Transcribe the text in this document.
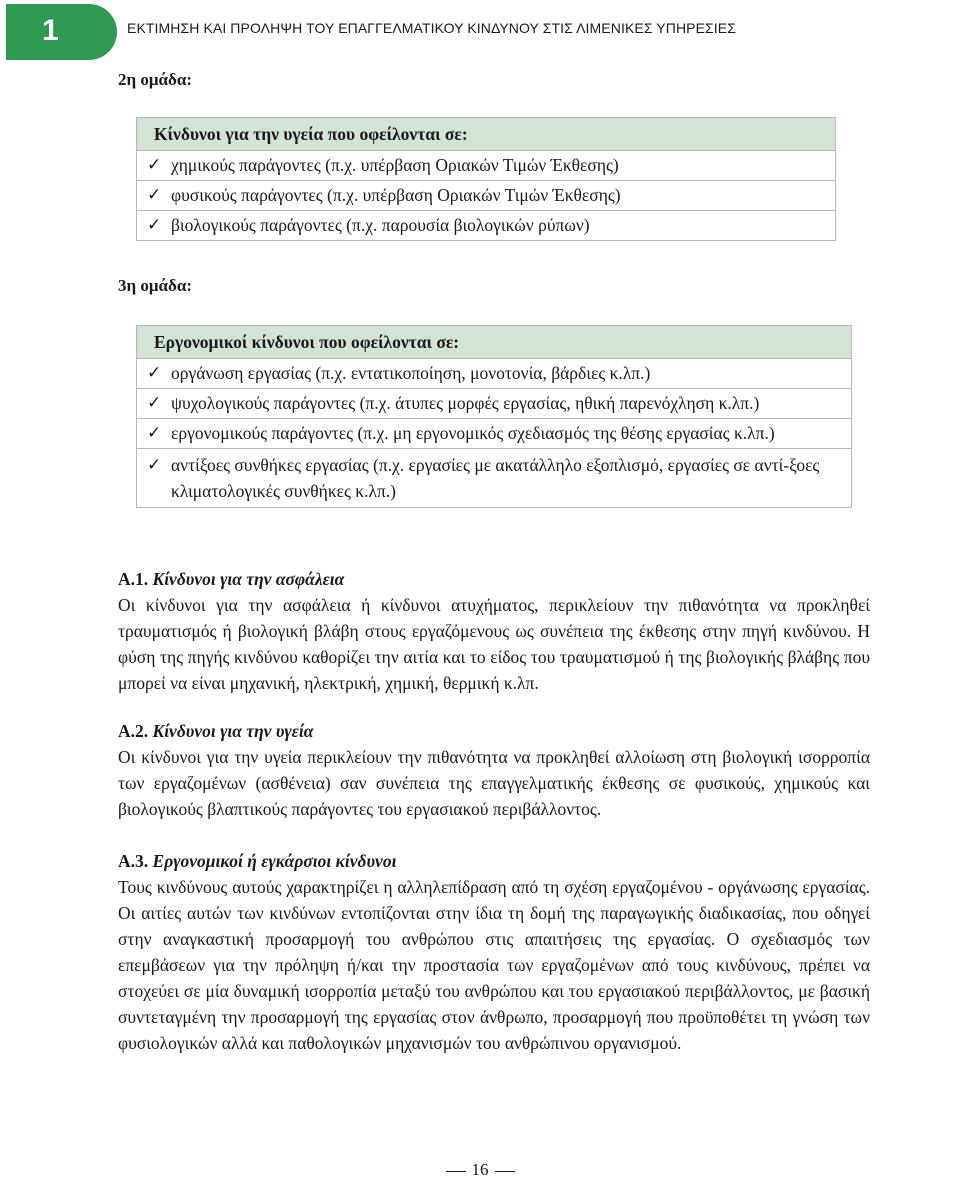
1	ΕΚΤΙΜΗΣΗ ΚΑΙ ΠΡΟΛΗΨΗ ΤΟΥ ΕΠΑΓΓΕΛΜΑΤΙΚΟΥ ΚΙΝΔΥΝΟΥ ΣΤΙΣ ΛΙΜΕΝΙΚΕΣ ΥΠΗΡΕΣΙΕΣ
2η ομάδα:
Κίνδυνοι για την υγεία που οφείλονται σε:
✓ χημικούς παράγοντες (π.χ. υπέρβαση Οριακών Τιμών Έκθεσης)
✓ φυσικούς παράγοντες (π.χ. υπέρβαση Οριακών Τιμών Έκθεσης)
✓ βιολογικούς παράγοντες (π.χ. παρουσία βιολογικών ρύπων)
3η ομάδα:
Εργονομικοί κίνδυνοι που οφείλονται σε:
✓ οργάνωση εργασίας (π.χ. εντατικοποίηση, μονοτονία, βάρδιες κ.λπ.)
✓ ψυχολογικούς παράγοντες (π.χ. άτυπες μορφές εργασίας, ηθική παρενόχληση κ.λπ.)
✓ εργονομικούς παράγοντες (π.χ. μη εργονομικός σχεδιασμός της θέσης εργασίας κ.λπ.)
✓ αντίξοες συνθήκες εργασίας (π.χ. εργασίες με ακατάλληλο εξοπλισμό, εργασίες σε αντί-ξοες κλιματολογικές συνθήκες κ.λπ.)
Α.1. Κίνδυνοι για την ασφάλεια

Οι κίνδυνοι για την ασφάλεια ή κίνδυνοι ατυχήματος, περικλείουν την πιθανότητα να προκληθεί τραυματισμός ή βιολογική βλάβη στους εργαζόμενους ως συνέπεια της έκθεσης στην πηγή κινδύνου. Η φύση της πηγής κινδύνου καθορίζει την αιτία και το είδος του τραυματισμού ή της βιολογικής βλάβης που μπορεί να είναι μηχανική, ηλεκτρική, χημική, θερμική κ.λπ.

Α.2. Κίνδυνοι για την υγεία

Οι κίνδυνοι για την υγεία περικλείουν την πιθανότητα να προκληθεί αλλοίωση στη βιολογική ισορροπία των εργαζομένων (ασθένεια) σαν συνέπεια της επαγγελματικής έκθεσης σε φυσικούς, χημικούς και βιολογικούς βλαπτικούς παράγοντες του εργασιακού περιβάλλοντος.

Α.3. Εργονομικοί ή εγκάρσιοι κίνδυνοι

Τους κινδύνους αυτούς χαρακτηρίζει η αλληλεπίδραση από τη σχέση εργαζομένου - οργάνωσης εργασίας. Οι αιτίες αυτών των κινδύνων εντοπίζονται στην ίδια τη δομή της παραγωγικής διαδικασίας, που οδηγεί στην αναγκαστική προσαρμογή του ανθρώπου στις απαιτήσεις της εργασίας. Ο σχεδιασμός των επεμβάσεων για την πρόληψη ή/και την προστασία των εργαζομένων από τους κινδύνους, πρέπει να στοχεύει σε μία δυναμική ισορροπία μεταξύ του ανθρώπου και του εργασιακού περιβάλλοντος, με βασική συντεταγμένη την προσαρμογή της εργασίας στον άνθρωπο, προσαρμογή που προϋποθέτει τη γνώση των φυσιολογικών αλλά και παθολογικών μηχανισμών του ανθρώπινου οργανισμού.

16
